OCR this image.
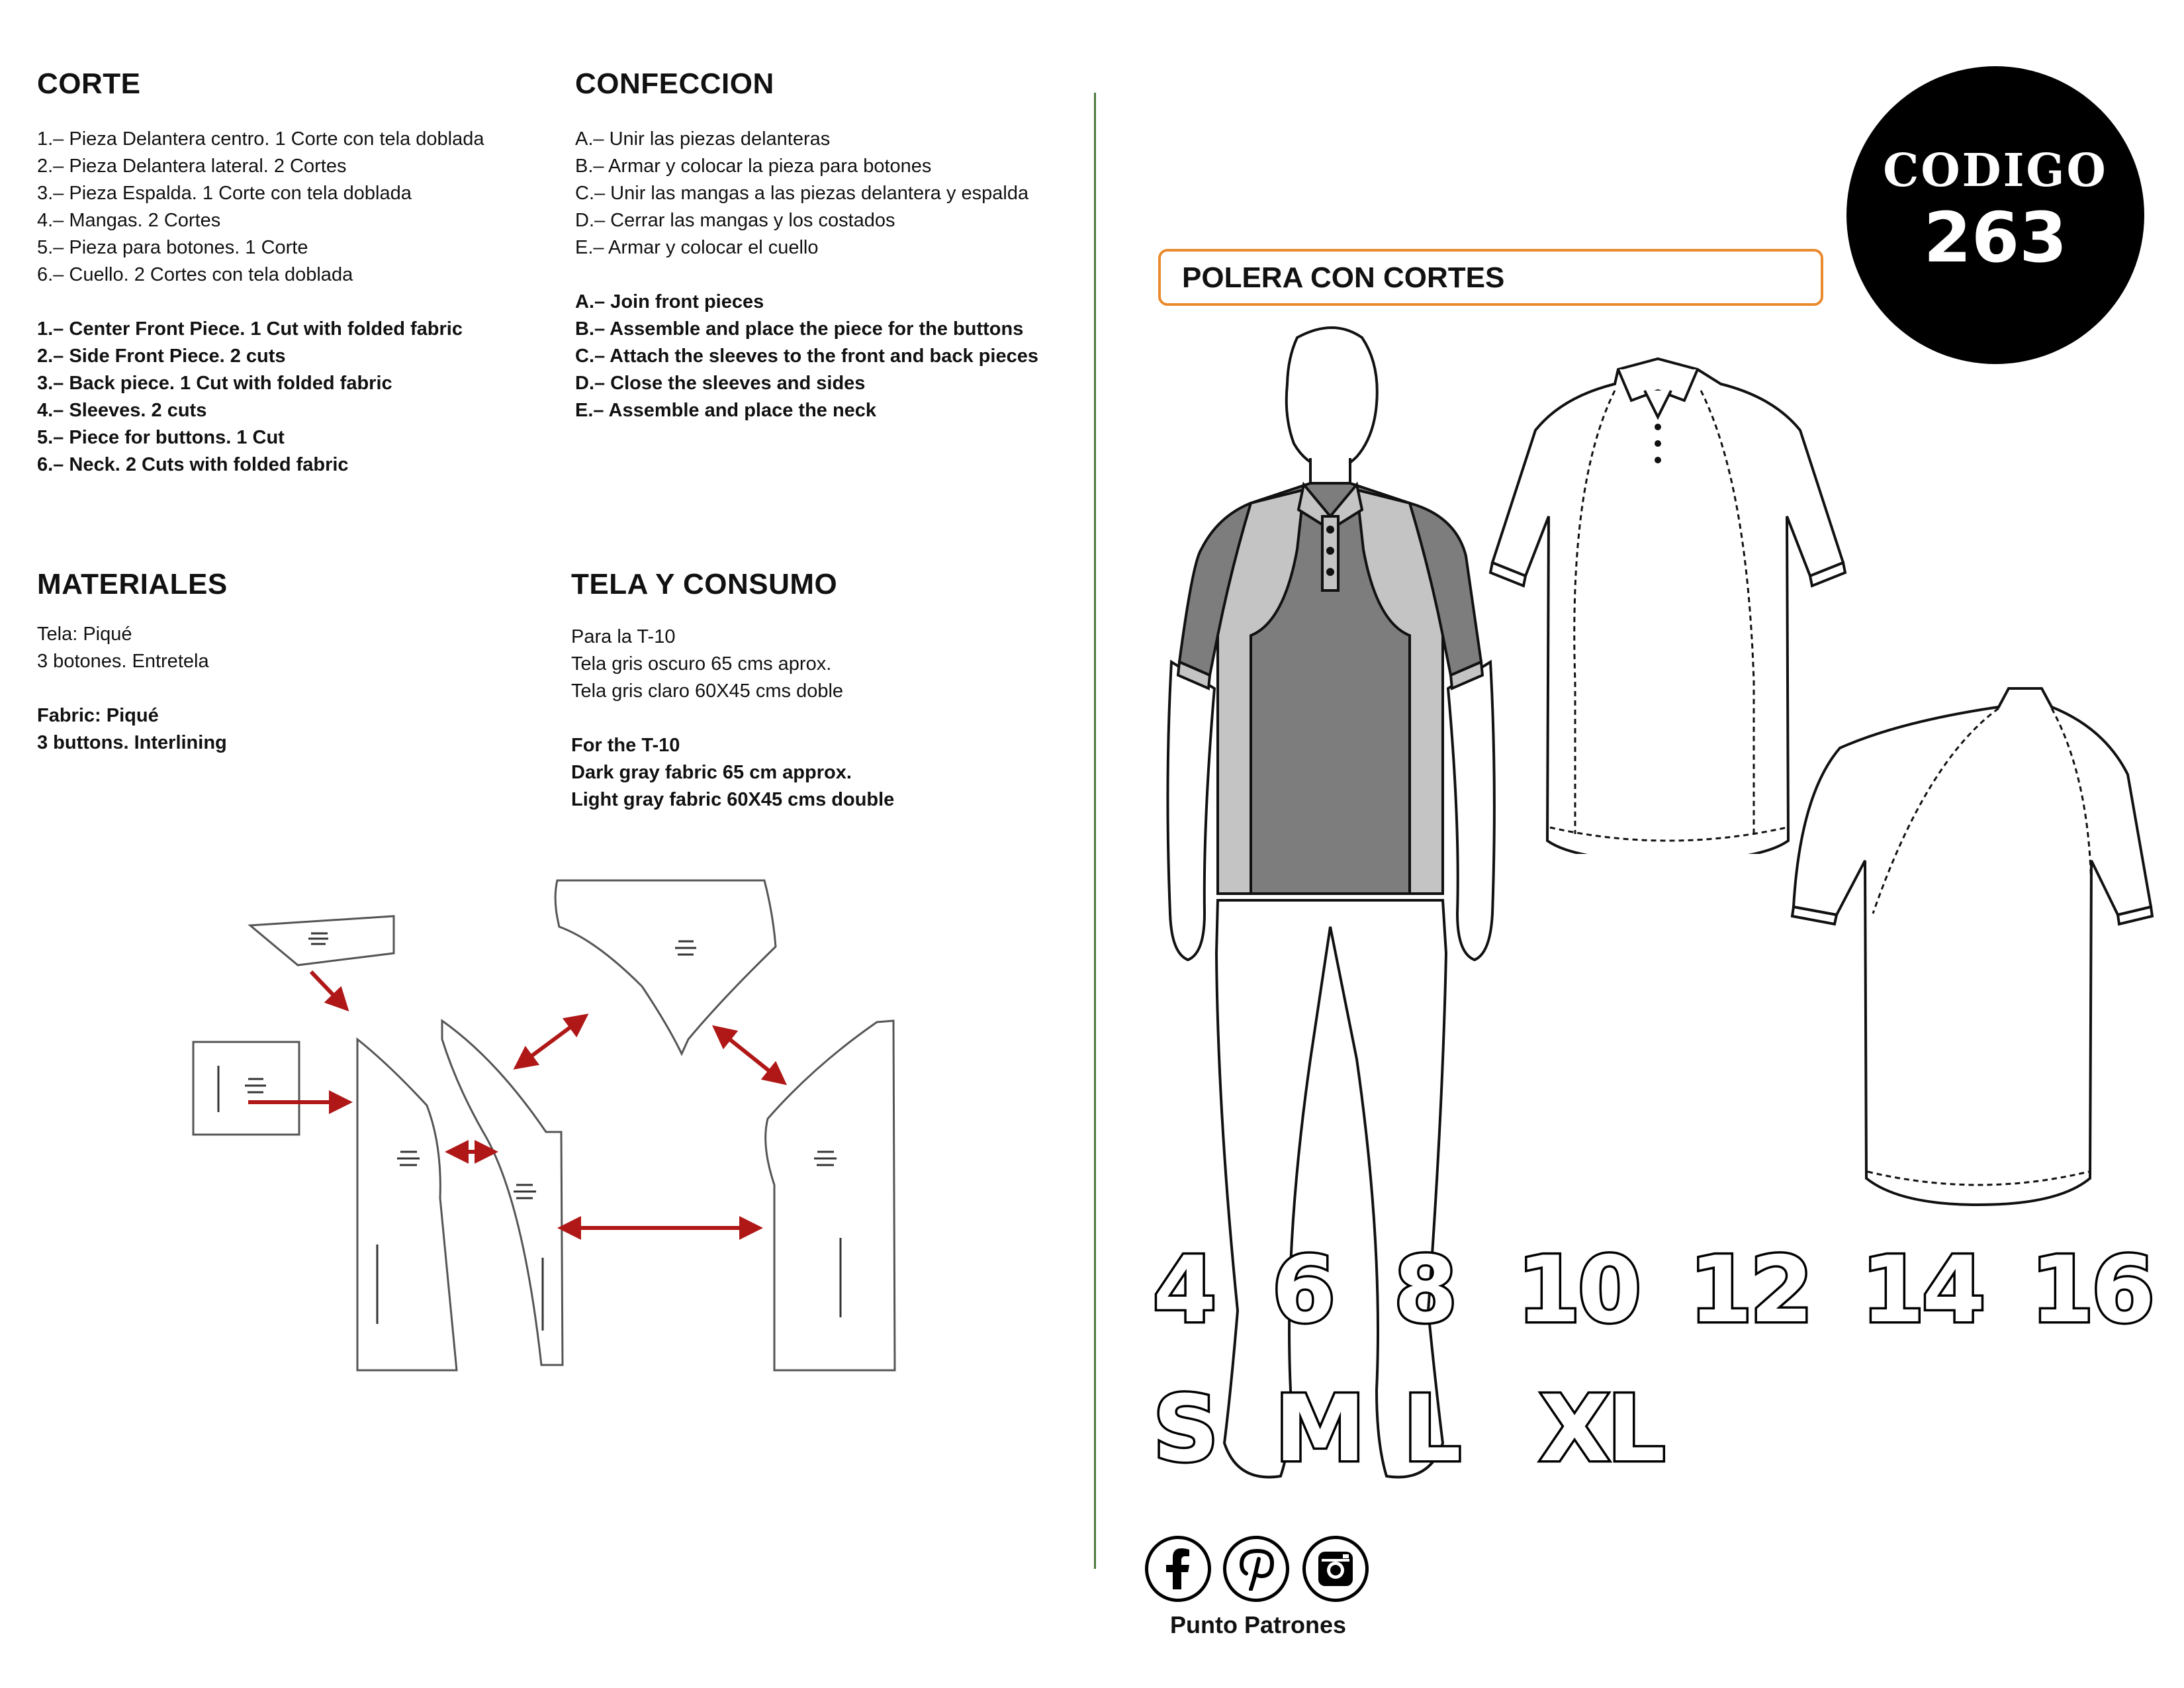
CORTE
1.– Pieza Delantera centro. 1 Corte con tela doblada
2.– Pieza Delantera lateral. 2 Cortes
3.– Pieza Espalda. 1 Corte con tela doblada
4.– Mangas. 2 Cortes
5.– Pieza para botones. 1 Corte
6.– Cuello. 2 Cortes con tela doblada
1.– Center Front Piece. 1 Cut with folded fabric
2.– Side Front Piece. 2 cuts
3.– Back piece. 1 Cut with folded fabric
4.– Sleeves. 2 cuts
5.– Piece for buttons. 1 Cut
6.– Neck. 2 Cuts with folded fabric
CONFECCION
A.– Unir las piezas delanteras
B.– Armar y colocar la pieza para botones
C.– Unir las mangas a las piezas delantera y espalda
D.– Cerrar las mangas y los costados
E.– Armar y colocar el cuello
A.– Join front pieces
B.– Assemble and place the piece for the buttons
C.– Attach the sleeves to the front and back pieces
D.– Close the sleeves and sides
E.– Assemble and place the neck
MATERIALES
Tela: Piqué
3 botones. Entretela
Fabric: Piqué
3 buttons. Interlining
TELA Y CONSUMO
Para la T-10
Tela gris oscuro 65 cms aprox.
Tela gris claro 60X45 cms doble
For the T-10
Dark gray fabric 65 cm approx.
Light gray fabric 60X45 cms double
CODIGO
263
POLERA CON CORTES
4 6 8 10 12 14 16
S M L XL
Punto Patrones
